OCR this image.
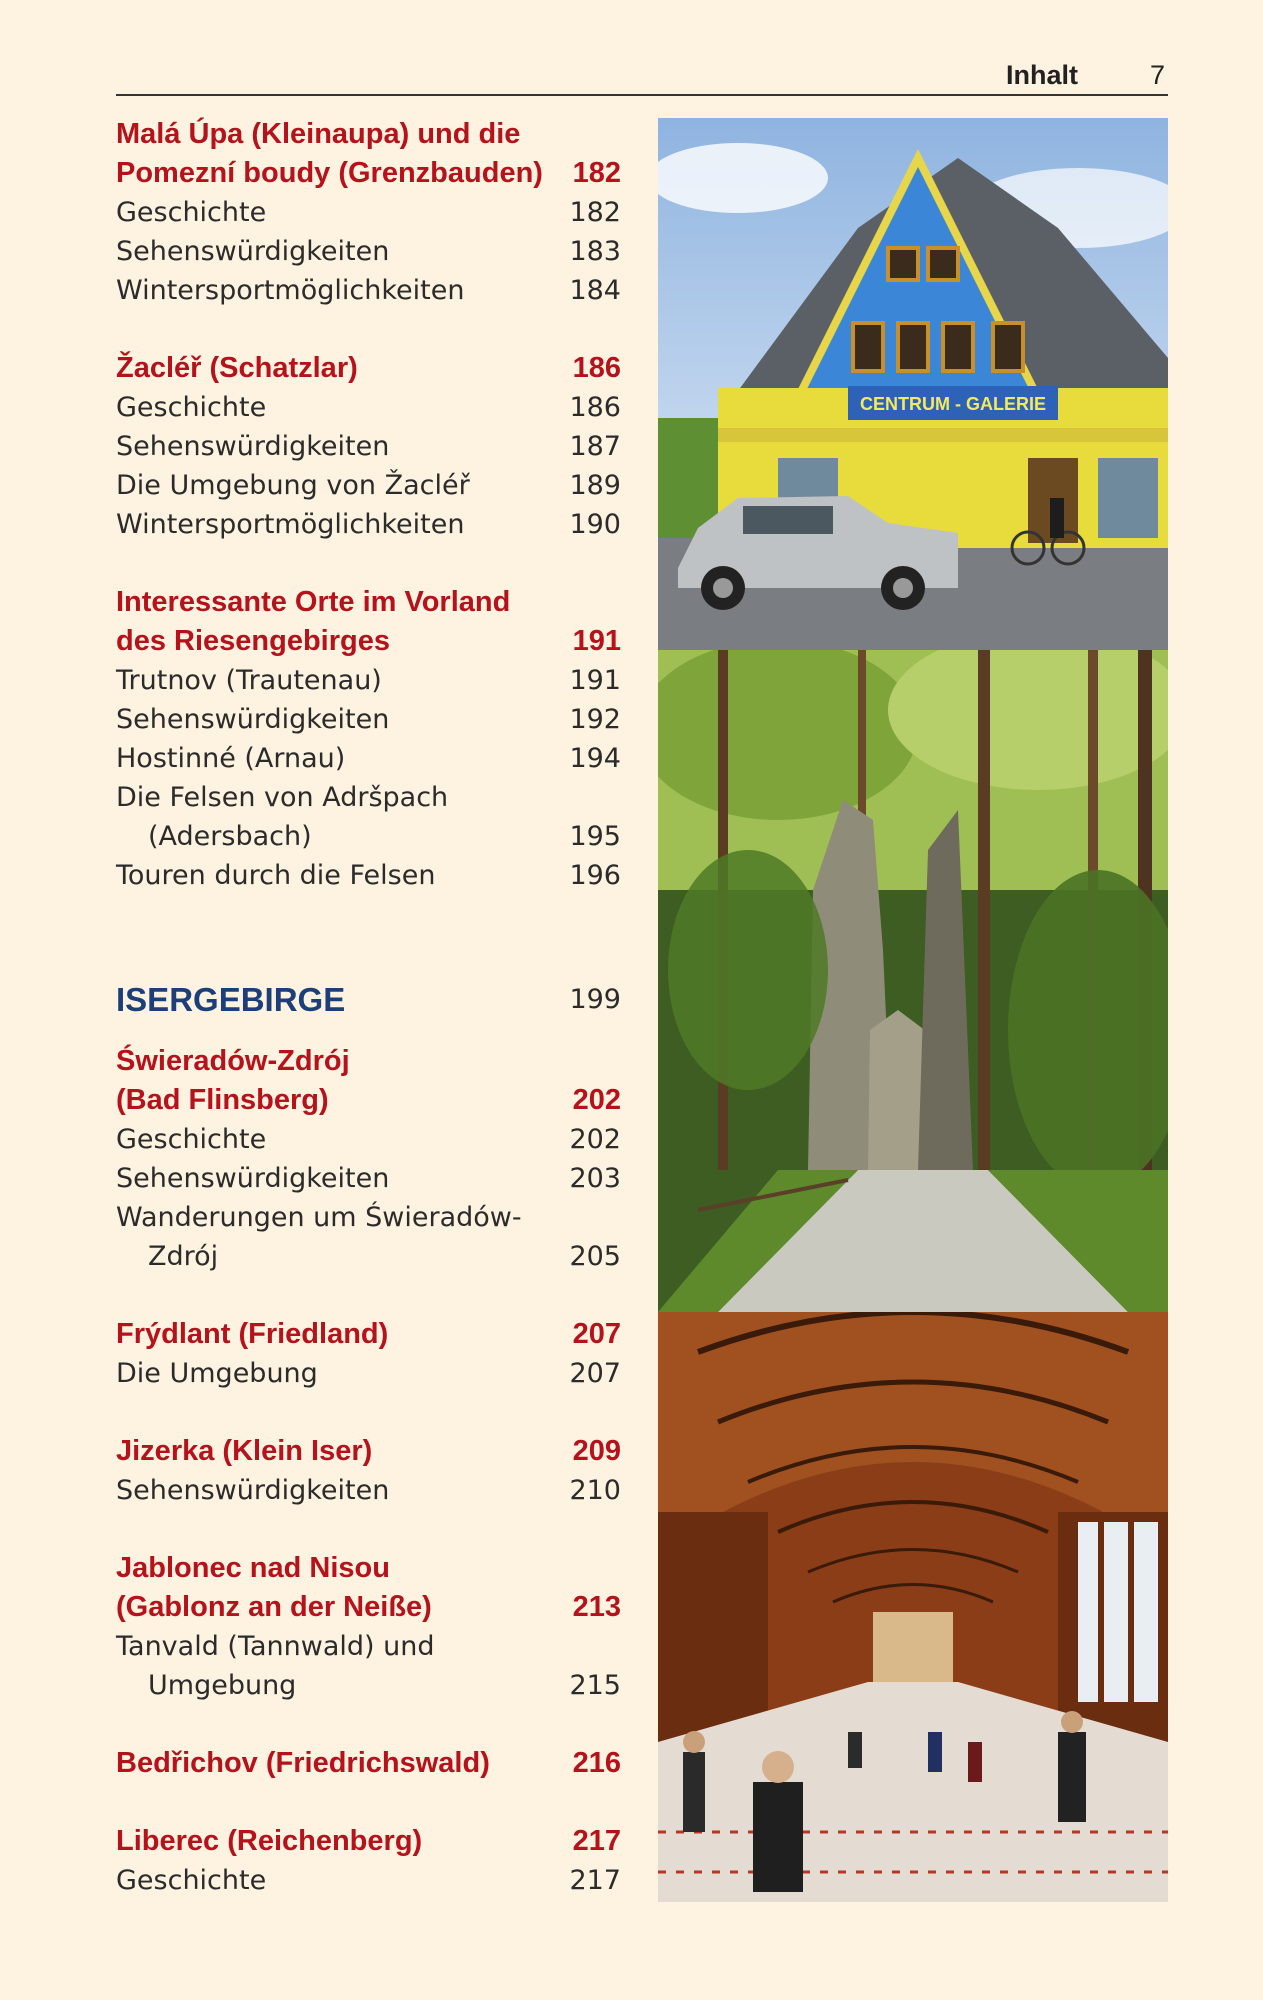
Inhalt	7
Malá Úpa (Kleinaupa) und die
Pomezní boudy (Grenzbauden)	182
Geschichte	182
Sehenswürdigkeiten	183
Wintersportmöglichkeiten	184
Žacléř (Schatzlar)	186
Geschichte	186
Sehenswürdigkeiten	187
Die Umgebung von Žacléř	189
Wintersportmöglichkeiten	190
Interessante Orte im Vorland
des Riesengebirges	191
Trutnov (Trautenau)	191
Sehenswürdigkeiten	192
Hostinné (Arnau)	194
Die Felsen von Adršpach
(Adersbach)	195
Touren durch die Felsen	196
ISERGEBIRGE	199
Świeradów-Zdrój
(Bad Flinsberg)	202
Geschichte	202
Sehenswürdigkeiten	203
Wanderungen um Świeradów-
Zdrój	205
Frýdlant (Friedland)	207
Die Umgebung	207
Jizerka (Klein Iser)	209
Sehenswürdigkeiten	210
Jablonec nad Nisou
(Gablonz an der Neiße)	213
Tanvald (Tannwald) und
Umgebung	215
Bedřichov (Friedrichswald)	216
Liberec (Reichenberg)	217
Geschichte	217
CENTRUM - GALERIE
